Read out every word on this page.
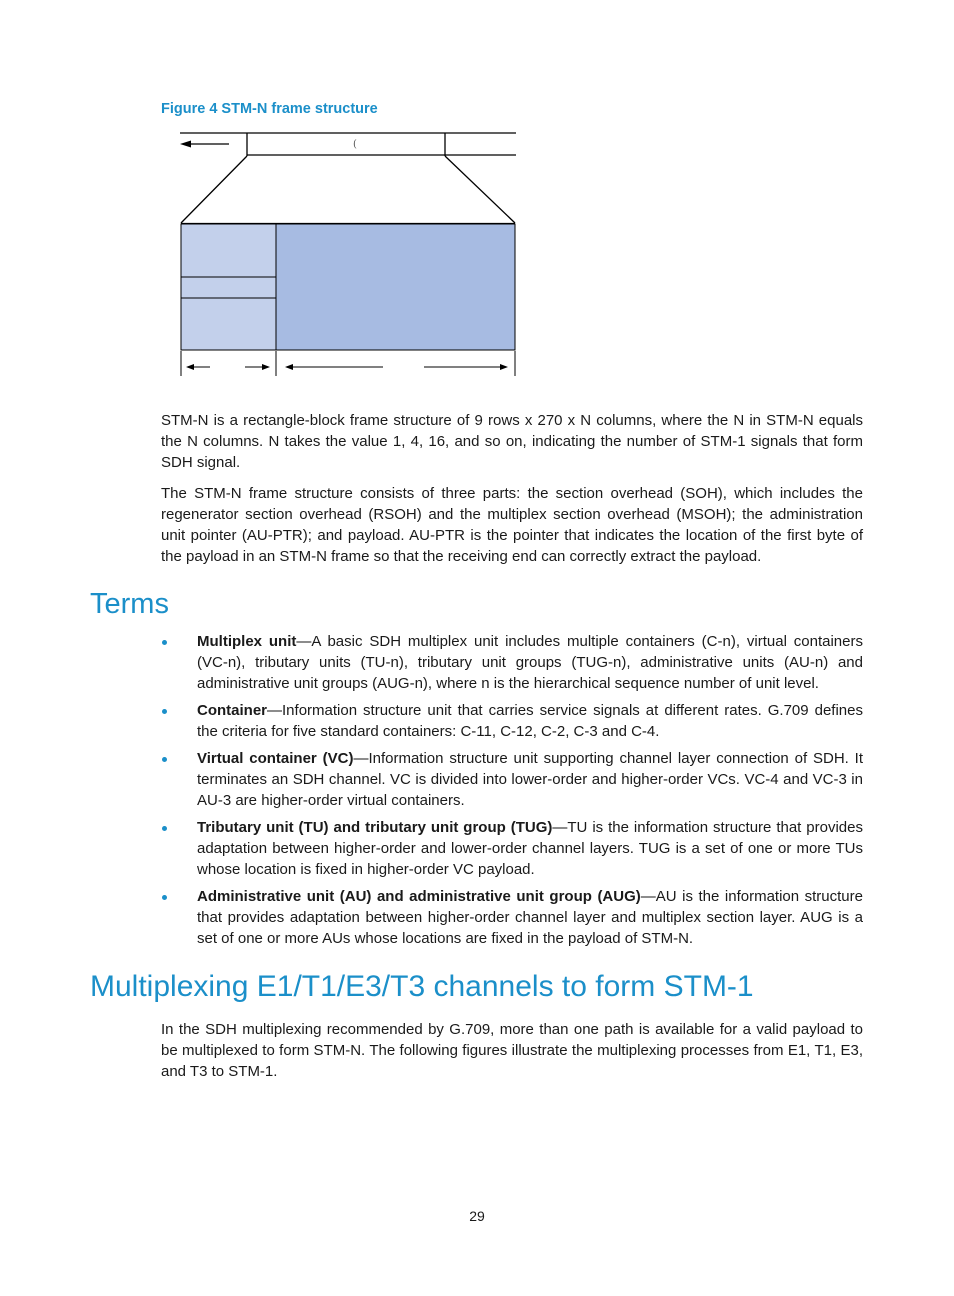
Figure 4 STM-N frame structure
(
STM-N is a rectangle-block frame structure of 9 rows x 270 x N columns, where the N in STM-N equals the N columns. N takes the value 1, 4, 16, and so on, indicating the number of STM-1 signals that form SDH signal.
The STM-N frame structure consists of three parts: the section overhead (SOH), which includes the regenerator section overhead (RSOH) and the multiplex section overhead (MSOH); the administration unit pointer (AU-PTR); and payload. AU-PTR is the pointer that indicates the location of the first byte of the payload in an STM-N frame so that the receiving end can correctly extract the payload.
Terms
Multiplex unit—A basic SDH multiplex unit includes multiple containers (C-n), virtual containers (VC-n), tributary units (TU-n), tributary unit groups (TUG-n), administrative units (AU-n) and administrative unit groups (AUG-n), where n is the hierarchical sequence number of unit level.
Container—Information structure unit that carries service signals at different rates. G.709 defines the criteria for five standard containers: C-11, C-12, C-2, C-3 and C-4.
Virtual container (VC)—Information structure unit supporting channel layer connection of SDH. It terminates an SDH channel. VC is divided into lower-order and higher-order VCs. VC-4 and VC-3 in AU-3 are higher-order virtual containers.
Tributary unit (TU) and tributary unit group (TUG)—TU is the information structure that provides adaptation between higher-order and lower-order channel layers. TUG is a set of one or more TUs whose location is fixed in higher-order VC payload.
Administrative unit (AU) and administrative unit group (AUG)—AU is the information structure that provides adaptation between higher-order channel layer and multiplex section layer. AUG is a set of one or more AUs whose locations are fixed in the payload of STM-N.
Multiplexing E1/T1/E3/T3 channels to form STM-1
In the SDH multiplexing recommended by G.709, more than one path is available for a valid payload to be multiplexed to form STM-N. The following figures illustrate the multiplexing processes from E1, T1, E3, and T3 to STM-1.
29
